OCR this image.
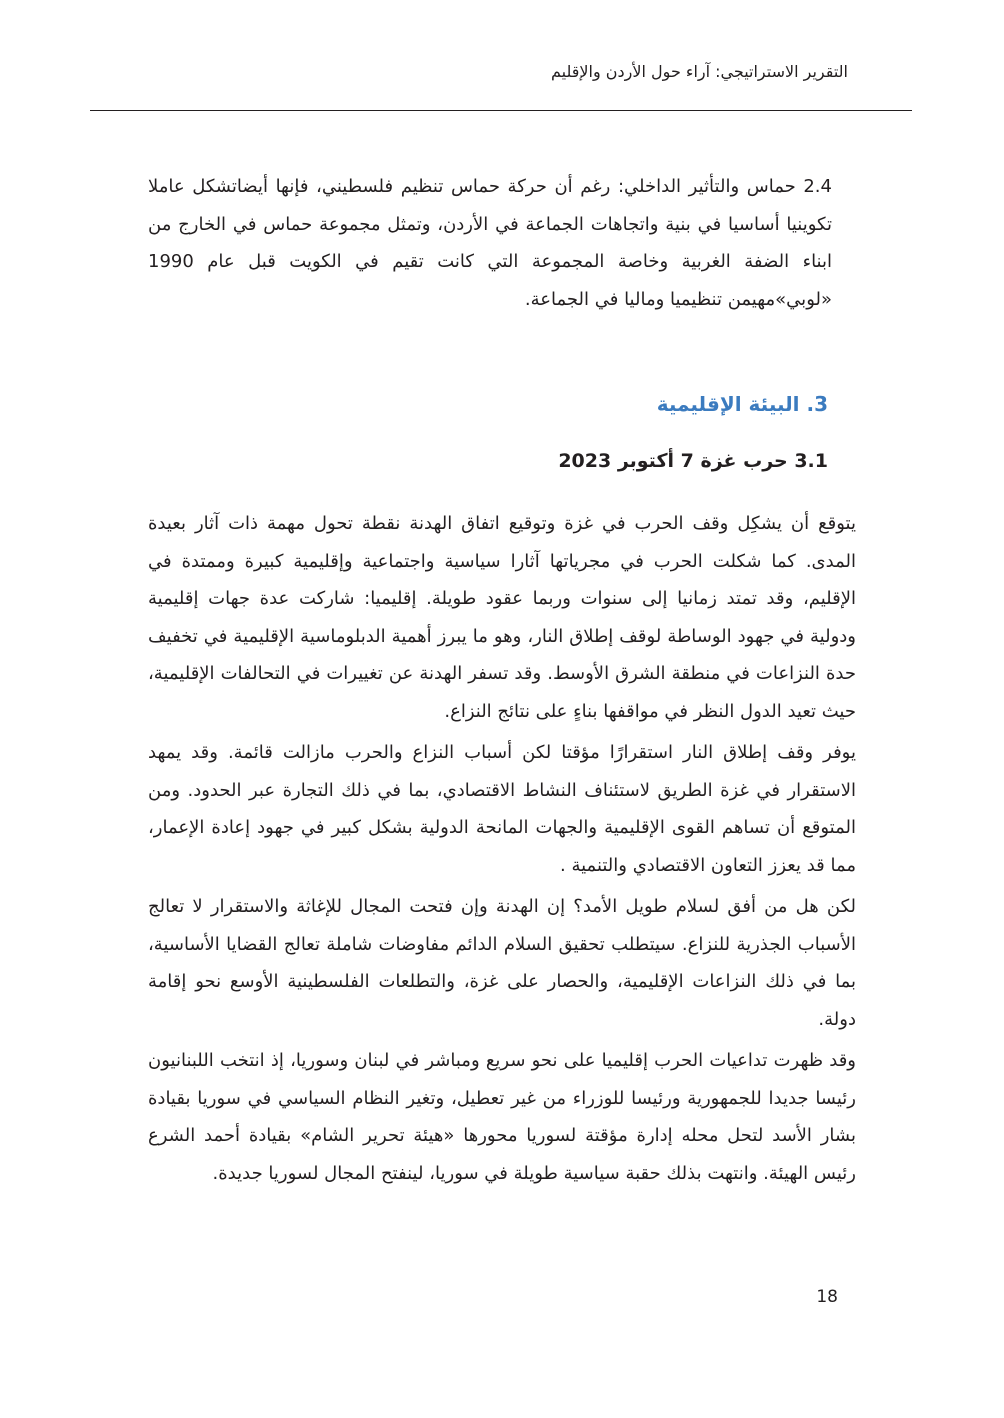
التقرير الاستراتيجي: آراء حول الأردن والإقليم

2.4 حماس والتأثير الداخلي: رغم أن حركة حماس تنظيم فلسطيني، فإنها أيضاتشكل عاملا تكوينيا أساسيا في بنية واتجاهات الجماعة في الأردن، وتمثل مجموعة حماس في الخارج من ابناء الضفة الغربية وخاصة المجموعة التي كانت تقيم في الكويت قبل عام 1990 «لوبي»مهيمن تنظيميا وماليا في الجماعة.

3. البيئة الإقليمية
3.1 حرب غزة 7 أكتوبر 2023

يتوقع أن يشكِل وقف الحرب في غزة وتوقيع اتفاق الهدنة نقطة تحول مهمة ذات آثار بعيدة المدى. كما شكلت الحرب في مجرياتها آثارا سياسية واجتماعية وإقليمية كبيرة وممتدة في الإقليم، وقد تمتد زمانيا إلى سنوات وربما عقود طويلة. إقليميا: شاركت عدة جهات إقليمية ودولية في جهود الوساطة لوقف إطلاق النار، وهو ما يبرز أهمية الدبلوماسية الإقليمية في تخفيف حدة النزاعات في منطقة الشرق الأوسط. وقد تسفر الهدنة عن تغييرات في التحالفات الإقليمية، حيث تعيد الدول النظر في مواقفها بناءٍ على نتائج النزاع.

يوفر وقف إطلاق النار استقرارًا مؤقتا لكن أسباب النزاع والحرب مازالت قائمة. وقد يمهد الاستقرار في غزة الطريق لاستئناف النشاط الاقتصادي، بما في ذلك التجارة عبر الحدود. ومن المتوقع أن تساهم القوى الإقليمية والجهات المانحة الدولية بشكل كبير في جهود إعادة الإعمار، مما قد يعزز التعاون الاقتصادي والتنمية .

لكن هل من أفق لسلام طويل الأمد؟ إن الهدنة وإن فتحت المجال للإغاثة والاستقرار لا تعالج الأسباب الجذرية للنزاع. سيتطلب تحقيق السلام الدائم مفاوضات شاملة تعالج القضايا الأساسية، بما في ذلك النزاعات الإقليمية، والحصار على غزة، والتطلعات الفلسطينية الأوسع نحو إقامة دولة.

وقد ظهرت تداعيات الحرب إقليميا على نحو سريع ومباشر في لبنان وسوريا، إذ انتخب اللبنانيون رئيسا جديدا للجمهورية ورئيسا للوزراء من غير تعطيل، وتغير النظام السياسي في سوريا بقيادة بشار الأسد لتحل محله إدارة مؤقتة لسوريا محورها «هيئة تحرير الشام» بقيادة أحمد الشرع رئيس الهيئة. وانتهت بذلك حقبة سياسية طويلة في سوريا، لينفتح المجال لسوريا جديدة.

18
